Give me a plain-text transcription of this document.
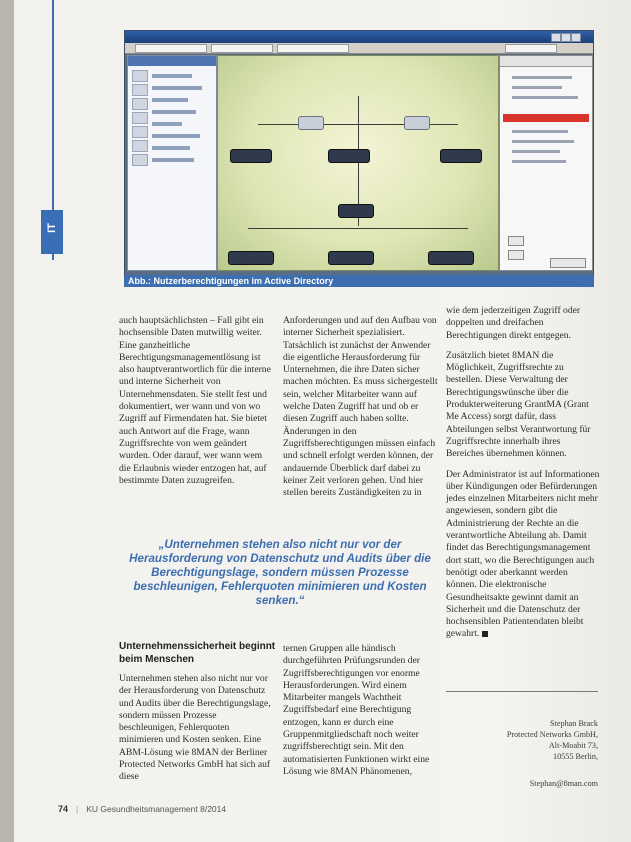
IT
Abb.: Nutzerberechtigungen im Active Directory

auch hauptsächlichsten – Fall gibt ein hochsensible Daten mutwillig weiter. Eine ganzheitliche Berechtigungsmanagementlösung ist also hauptverantwortlich für die interne und interne Sicherheit von Unternehmensdaten. Sie stellt fest und dokumentiert, wer wann und von wo Zugriff auf Firmendaten hat. Sie bietet auch Antwort auf die Frage, wann Zugriffsrechte von wem geändert wurden. Oder darauf, wer wann wem die Erlaubnis wieder entzogen hat, auf bestimmte Daten zuzugreifen.

Anforderungen und auf den Aufbau von interner Sicherheit spezialisiert. Tatsächlich ist zunächst der Anwender die eigentliche Herausforderung für Unternehmen, die ihre Daten sicher machen möchten. Es muss sichergestellt sein, welcher Mitarbeiter wann auf welche Daten Zugriff hat und ob er diesen Zugriff auch haben sollte. Änderungen in den Zugriffsberechtigungen müssen einfach und schnell erfolgt werden können, der andauernde Überblick darf dabei zu keiner Zeit verloren gehen. Und hier stellen bereits Zuständigkeiten zu in

wie dem jederzeitigen Zugriff oder doppelten und dreifachen Berechtigungen direkt entgegen.

Zusätzlich bietet 8MAN die Möglichkeit, Zugriffsrechte zu bestellen. Diese Verwaltung der Berechtigungswünsche über die Produkterweiterung GrantMA (Grant Me Access) sorgt dafür, dass Abteilungen selbst Verantwortung für Zugriffsrechte innerhalb ihres Bereiches übernehmen können.

Der Administrator ist auf Informationen über Kündigungen oder Befürderungen jedes einzelnen Mitarbeiters nicht mehr angewiesen, sondern gibt die Administrierung der Rechte an die verantwortliche Abteilung ab. Damit findet das Berechtigungsmanagement dort statt, wo die Berechtigungen auch benötigt oder aberkannt werden können. Die elektronische Gesundheitsakte gewinnt damit an Sicherheit und die Datenschutz der hochsensiblen Patientendaten bleibt gewahrt.

„Unternehmen stehen also nicht nur vor der Herausforderung von Datenschutz und Audits über die Berechtigungslage, sondern müssen Prozesse beschleunigen, Fehlerquoten minimieren und Kosten senken.“
Unternehmenssicherheit beginnt beim Menschen

Unternehmen stehen also nicht nur vor der Herausforderung von Datenschutz und Audits über die Berechtigungslage, sondern müssen Prozesse beschleunigen, Fehlerquoten minimieren und Kosten senken. Eine ABM-Lösung wie 8MAN der Berliner Protected Networks GmbH hat sich auf diese

ternen Gruppen alle händisch durchgeführten Prüfungsrunden der Zugriffsberechtigungen vor enorme Herausforderungen. Wird einem Mitarbeiter mangels Wachtheit Zugriffsbedarf eine Berechtigung entzogen, kann er durch eine Gruppenmitgliedschaft noch weiter zugriffsberechtigt sein. Mit den automatisierten Funktionen wirkt eine Lösung wie 8MAN Phänomenen,

Stephan Brack

Protected Networks GmbH,

Alt-Moabit 73,

10555 Berlin,

Stephan@8man.com

74 | KU Gesundheitsmanagement 8/2014
